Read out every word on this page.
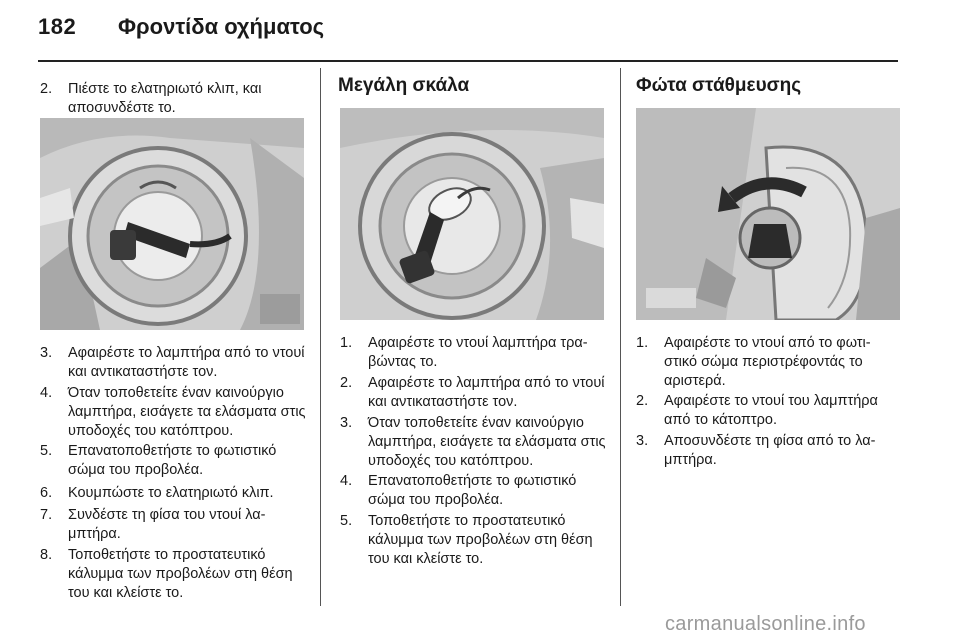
182 Φροντίδα οχήματος
2.	Πιέστε το ελατηριωτό κλιπ, και αποσυνδέστε το.
3.	Αφαιρέστε το λαμπτήρα από το ντουί και αντικαταστήστε τον.
4.	Όταν τοποθετείτε έναν καινούργιο λαμπτήρα, εισάγετε τα ελάσματα στις υποδοχές του κατόπτρου.
5.	Επανατοποθετήστε το φωτιστικό σώμα του προβολέα.
6.	Κουμπώστε το ελατηριωτό κλιπ.
7.	Συνδέστε τη φίσα του ντουί λα-μπτήρα.
8.	Τοποθετήστε το προστατευτικό κάλυμμα των προβολέων στη θέση του και κλείστε το.
Μεγάλη σκάλα
1.	Αφαιρέστε το ντουί λαμπτήρα τρα-βώντας το.
2.	Αφαιρέστε το λαμπτήρα από το ντουί και αντικαταστήστε τον.
3.	Όταν τοποθετείτε έναν καινούργιο λαμπτήρα, εισάγετε τα ελάσματα στις υποδοχές του κατόπτρου.
4.	Επανατοποθετήστε το φωτιστικό σώμα του προβολέα.
5.	Τοποθετήστε το προστατευτικό κάλυμμα των προβολέων στη θέση του και κλείστε το.
Φώτα στάθμευσης
1.	Αφαιρέστε το ντουί από το φωτι-στικό σώμα περιστρέφοντάς το αριστερά.
2.	Αφαιρέστε το ντουί του λαμπτήρα από το κάτοπτρο.
3.	Αποσυνδέστε τη φίσα από το λα-μπτήρα.
carmanualsonline.info
